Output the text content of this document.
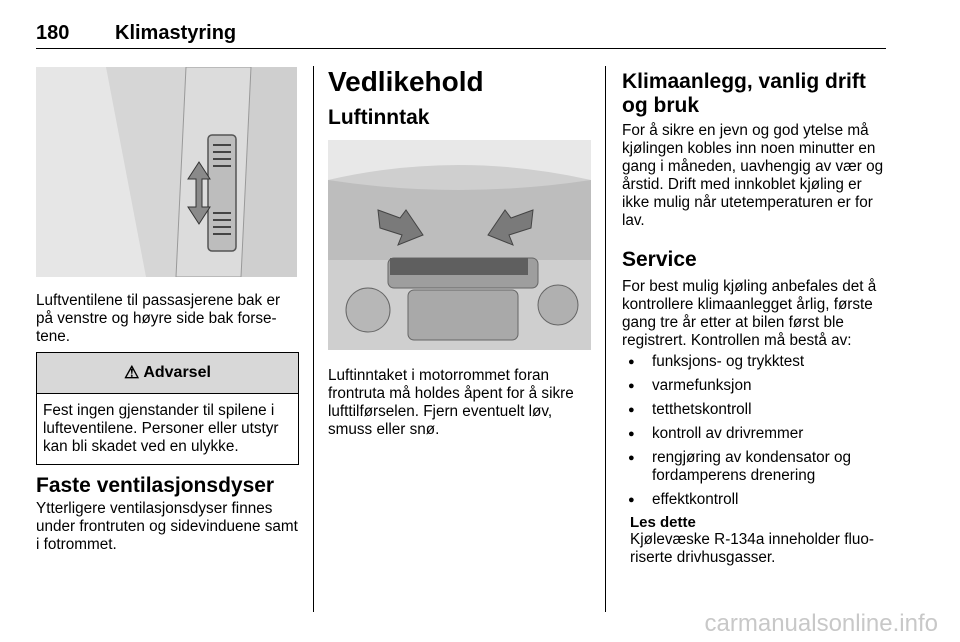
180 Klimastyring
Luftventilene til passasjerene bak er på venstre og høyre side bak forse- tene.
⚠ Advarsel
Fest ingen gjenstander til spilene i lufteventilene. Personer eller utstyr kan bli skadet ved en ulykke.
Faste ventilasjonsdyser
Ytterligere ventilasjonsdyser finnes under frontruten og sidevinduene samt i fotrommet.
Vedlikehold
Luftinntak
Luftinntaket i motorrommet foran frontruta må holdes åpent for å sikre lufttilførselen. Fjern eventuelt løv, smuss eller snø.
Klimaanlegg, vanlig drift og bruk
For å sikre en jevn og god ytelse må kjølingen kobles inn noen minutter en gang i måneden, uavhengig av vær og årstid. Drift med innkoblet kjøling er ikke mulig når utetemperaturen er for lav.
Service
For best mulig kjøling anbefales det å kontrollere klimaanlegget årlig, første gang tre år etter at bilen først ble registrert. Kontrollen må bestå av:
● funksjons- og trykktest
● varmefunksjon
● tetthetskontroll
● kontroll av drivremmer
● rengjøring av kondensator og fordamperens drenering
● effektkontroll
Les dette
Kjølevæske R-134a inneholder fluo- riserte drivhusgasser.
carmanualsonline.info
